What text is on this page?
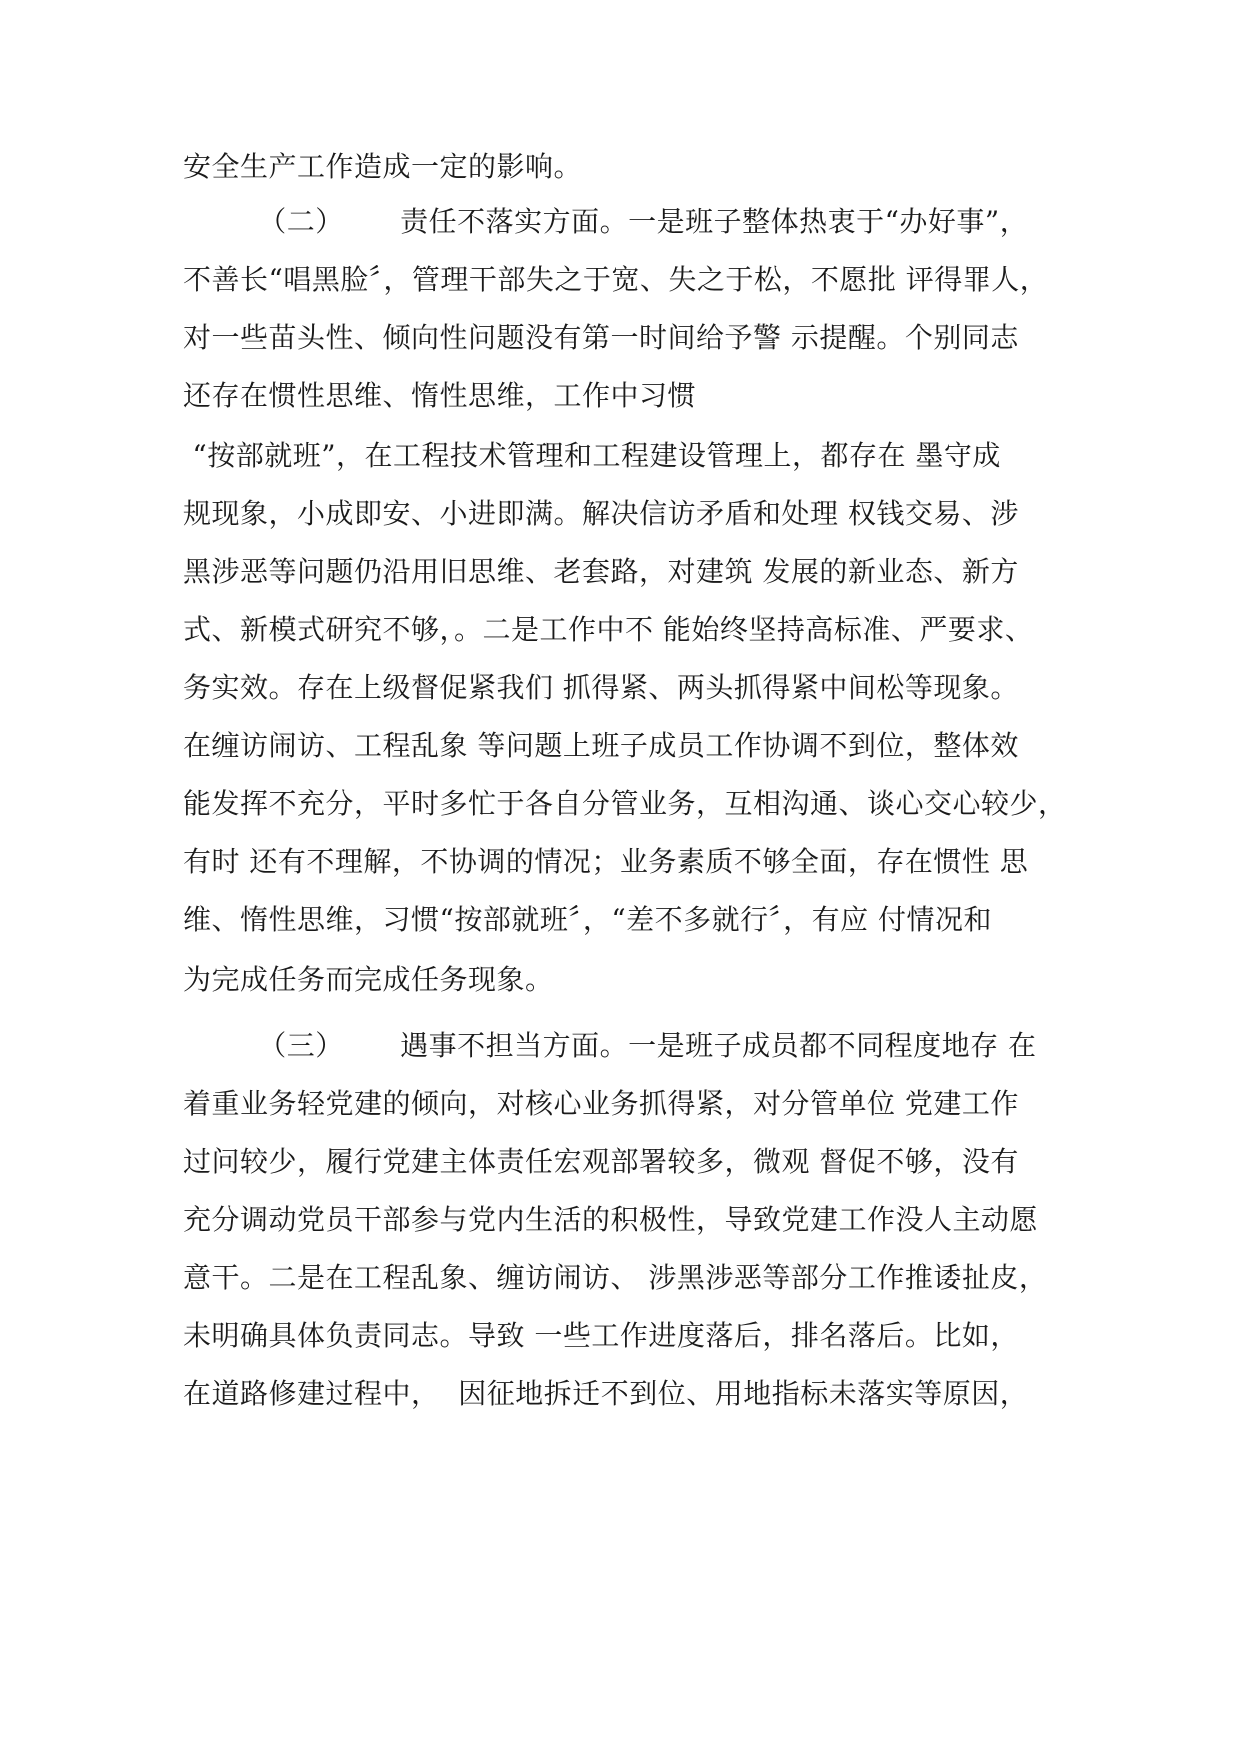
安全生产工作造成一定的影响。
（二）      责任不落实方面。一是班子整体热衷于“办好事”，
不善长“唱黑脸〞，管理干部失之于宽、失之于松，不愿批 评得罪人，
对一些苗头性、倾向性问题没有第一时间给予警 示提醒。个别同志
还存在惯性思维、惰性思维，工作中习惯
“按部就班”，在工程技术管理和工程建设管理上，都存在 墨守成
规现象，小成即安、小进即满。解决信访矛盾和处理 权钱交易、涉
黑涉恶等问题仍沿用旧思维、老套路，对建筑 发展的新业态、新方
式、新模式研究不够，。二是工作中不 能始终坚持高标准、严要求、
务实效。存在上级督促紧我们 抓得紧、两头抓得紧中间松等现象。
在缠访闹访、工程乱象 等问题上班子成员工作协调不到位，整体效
能发挥不充分，平时多忙于各自分管业务，互相沟通、谈心交心较少，
有时 还有不理解，不协调的情况；业务素质不够全面，存在惯性 思
维、惰性思维，习惯“按部就班〞，“差不多就行〞，有应 付情况和
为完成任务而完成任务现象。
（三）      遇事不担当方面。一是班子成员都不同程度地存 在
着重业务轻党建的倾向，对核心业务抓得紧，对分管单位 党建工作
过问较少，履行党建主体责任宏观部署较多，微观 督促不够，没有
充分调动党员干部参与党内生活的积极性，导致党建工作没人主动愿
意干。二是在工程乱象、缠访闹访、 涉黑涉恶等部分工作推诿扯皮，
未明确具体负责同志。导致 一些工作进度落后，排名落后。比如，
在道路修建过程中，  因征地拆迁不到位、用地指标未落实等原因，
